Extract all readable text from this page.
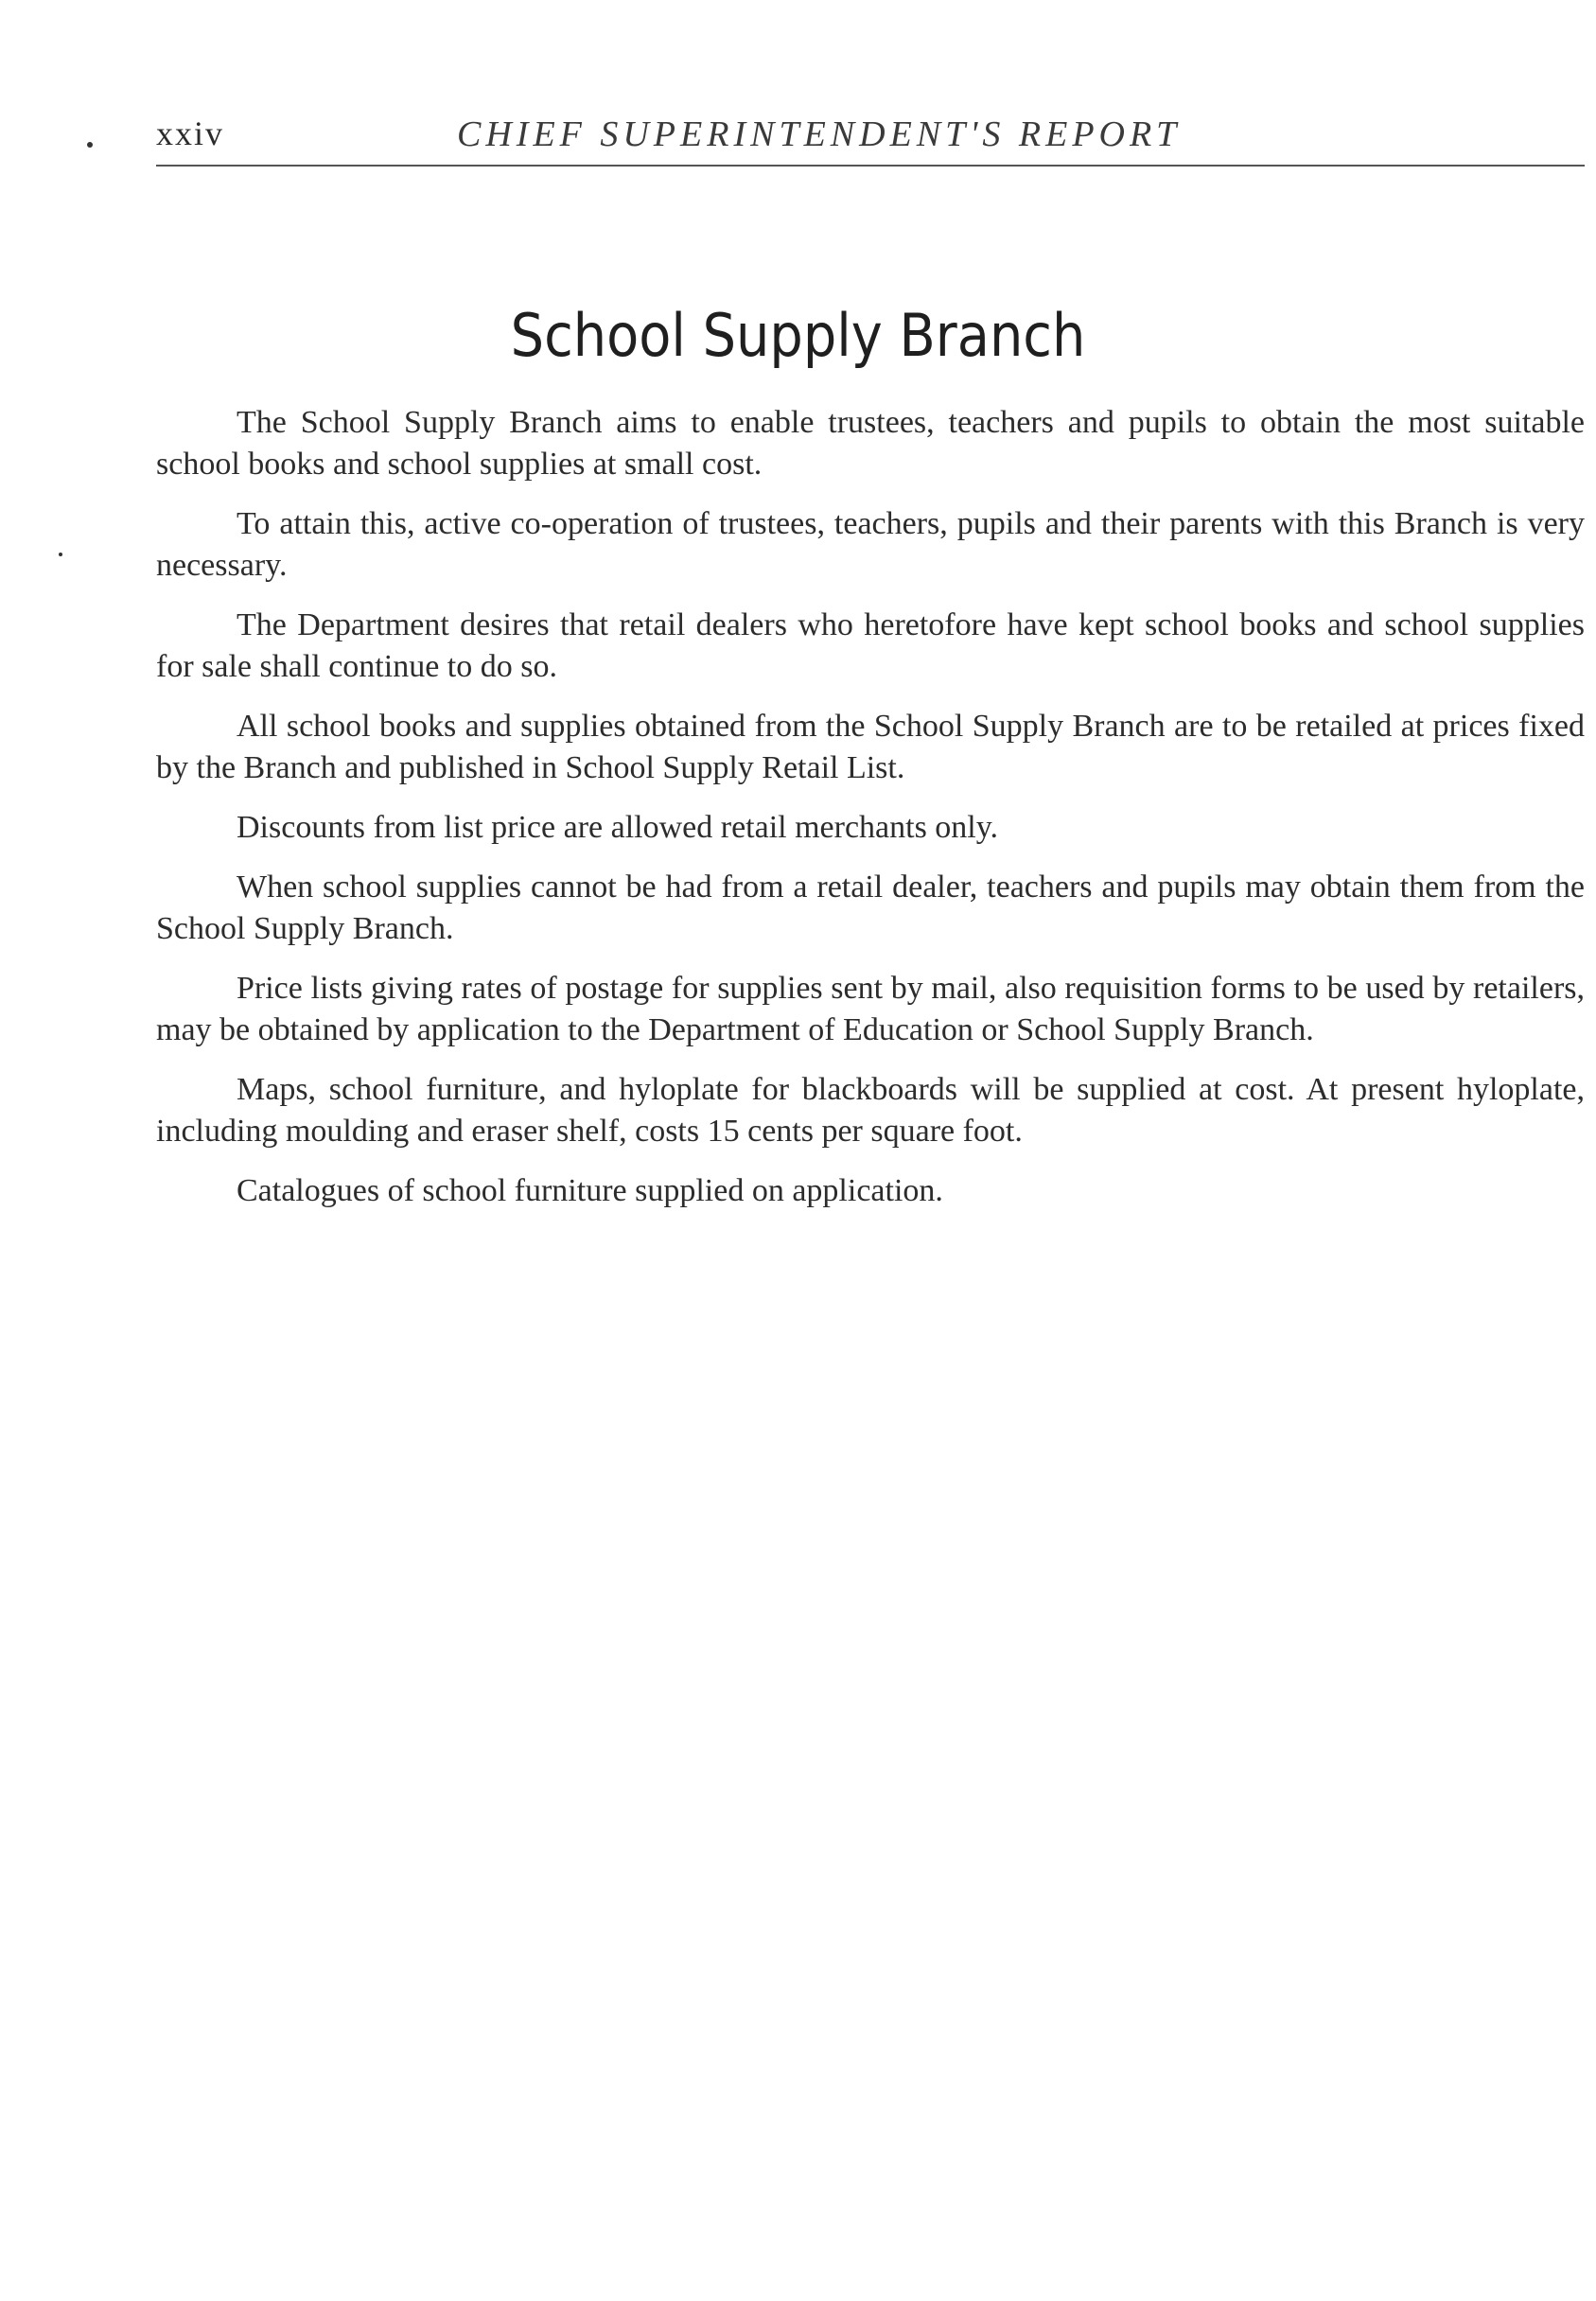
xxiv	CHIEF SUPERINTENDENT'S REPORT
School Supply Branch

The School Supply Branch aims to enable trustees, teachers and pupils to obtain the most suitable school books and school supplies at small cost.

To attain this, active co-operation of trustees, teachers, pupils and their parents with this Branch is very necessary.

The Department desires that retail dealers who heretofore have kept school books and school supplies for sale shall continue to do so.

All school books and supplies obtained from the School Supply Branch are to be retailed at prices fixed by the Branch and published in School Supply Retail List.

Discounts from list price are allowed retail merchants only.

When school supplies cannot be had from a retail dealer, teachers and pupils may obtain them from the School Supply Branch.

Price lists giving rates of postage for supplies sent by mail, also requisition forms to be used by retailers, may be obtained by application to the Department of Education or School Supply Branch.

Maps, school furniture, and hyloplate for blackboards will be supplied at cost. At present hyloplate, including moulding and eraser shelf, costs 15 cents per square foot.

Catalogues of school furniture supplied on application.
